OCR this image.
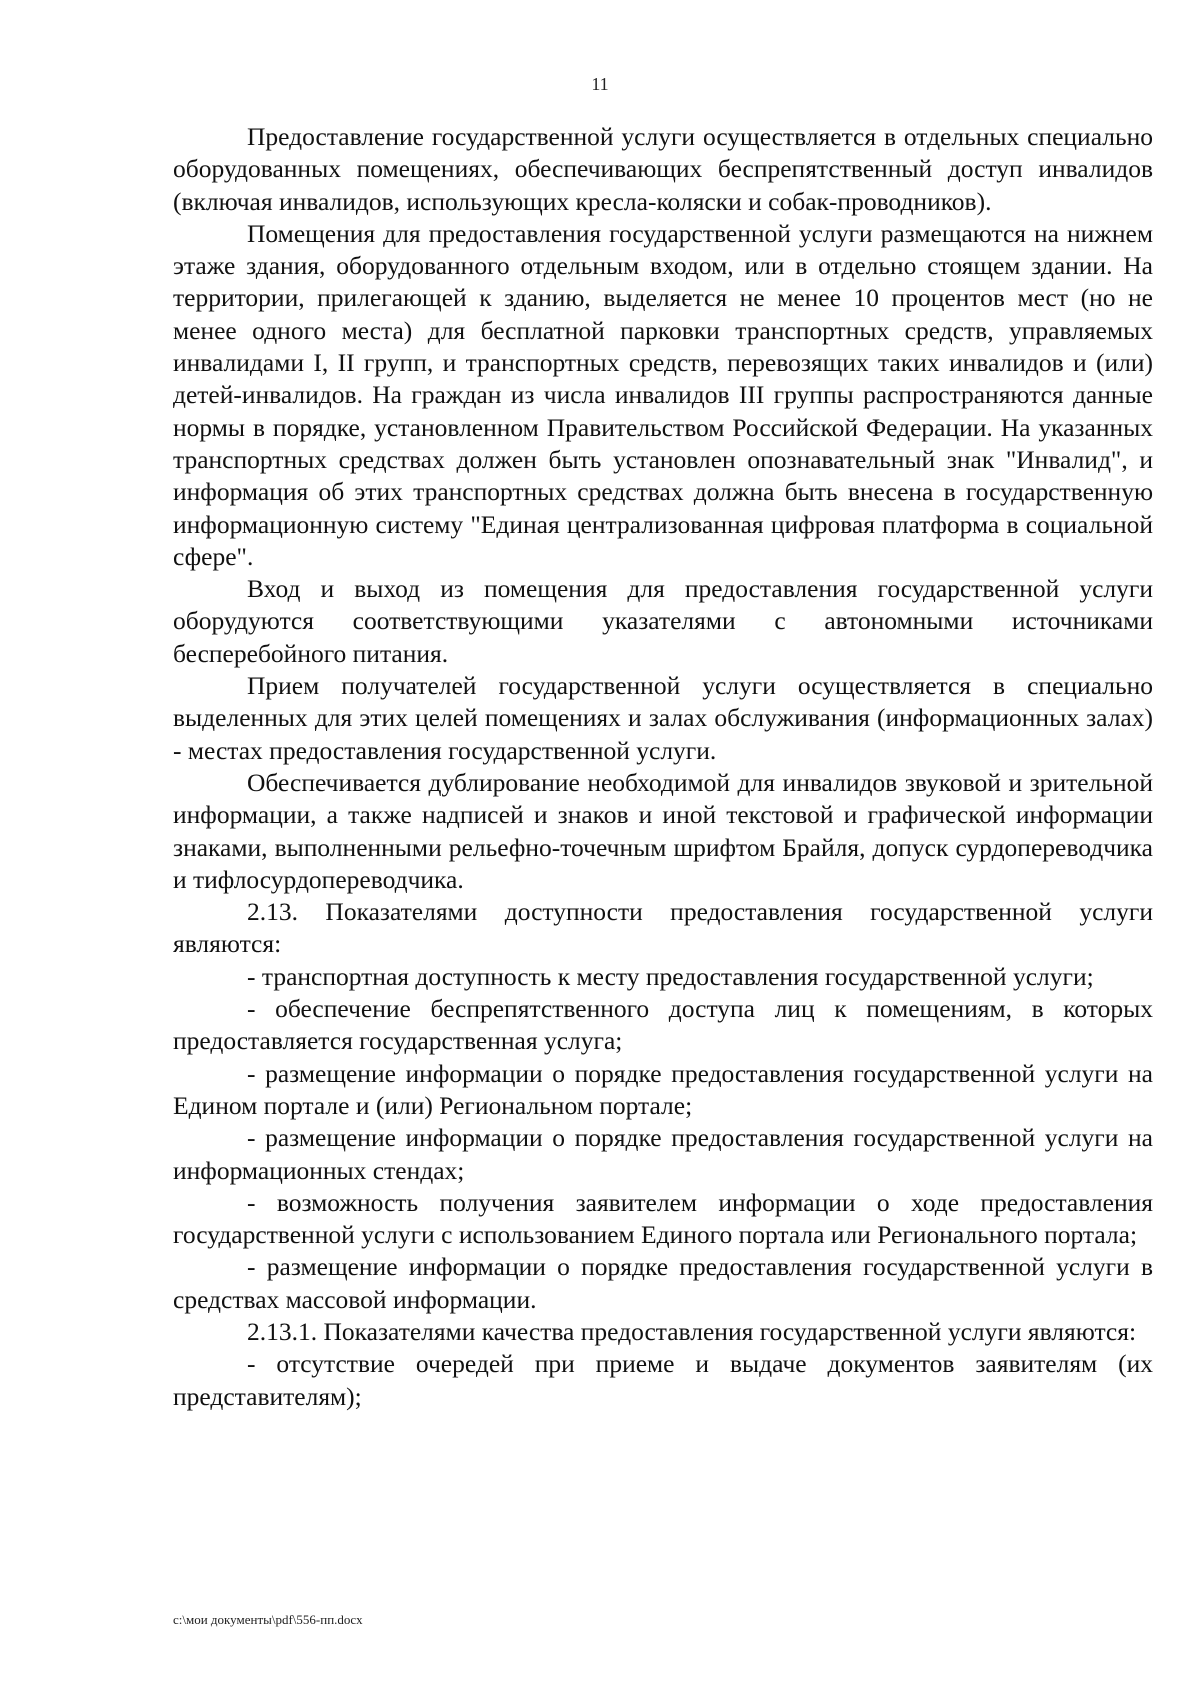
11

Предоставление государственной услуги осуществляется в отдельных специально оборудованных помещениях, обеспечивающих беспрепятственный доступ инвалидов (включая инвалидов, использующих кресла-коляски и собак-проводников).

Помещения для предоставления государственной услуги размещаются на нижнем этаже здания, оборудованного отдельным входом, или в отдельно стоящем здании. На территории, прилегающей к зданию, выделяется не менее 10 процентов мест (но не менее одного места) для бесплатной парковки транспортных средств, управляемых инвалидами I, II групп, и транспортных средств, перевозящих таких инвалидов и (или) детей-инвалидов. На граждан из числа инвалидов III группы распространяются данные нормы в порядке, установленном Правительством Российской Федерации. На указанных транспортных средствах должен быть установлен опознавательный знак "Инвалид", и информация об этих транспортных средствах должна быть внесена в государственную информационную систему "Единая централизованная цифровая платформа в социальной сфере".

Вход и выход из помещения для предоставления государственной услуги оборудуются соответствующими указателями с автономными источниками бесперебойного питания.

Прием получателей государственной услуги осуществляется в специально выделенных для этих целей помещениях и залах обслуживания (информационных залах) - местах предоставления государственной услуги.

Обеспечивается дублирование необходимой для инвалидов звуковой и зрительной информации, а также надписей и знаков и иной текстовой и графической информации знаками, выполненными рельефно-точечным шрифтом Брайля, допуск сурдопереводчика и тифлосурдопереводчика.

2.13. Показателями доступности предоставления государственной услуги являются:

- транспортная доступность к месту предоставления государственной услуги;

- обеспечение беспрепятственного доступа лиц к помещениям, в которых предоставляется государственная услуга;

- размещение информации о порядке предоставления государственной услуги на Едином портале и (или) Региональном портале;

- размещение информации о порядке предоставления государственной услуги на информационных стендах;

- возможность получения заявителем информации о ходе предоставления государственной услуги с использованием Единого портала или Регионального портала;

- размещение информации о порядке предоставления государственной услуги в средствах массовой информации.

2.13.1. Показателями качества предоставления государственной услуги являются:

- отсутствие очередей при приеме и выдаче документов заявителям (их представителям);

c:\мои документы\pdf\556-пп.docx
